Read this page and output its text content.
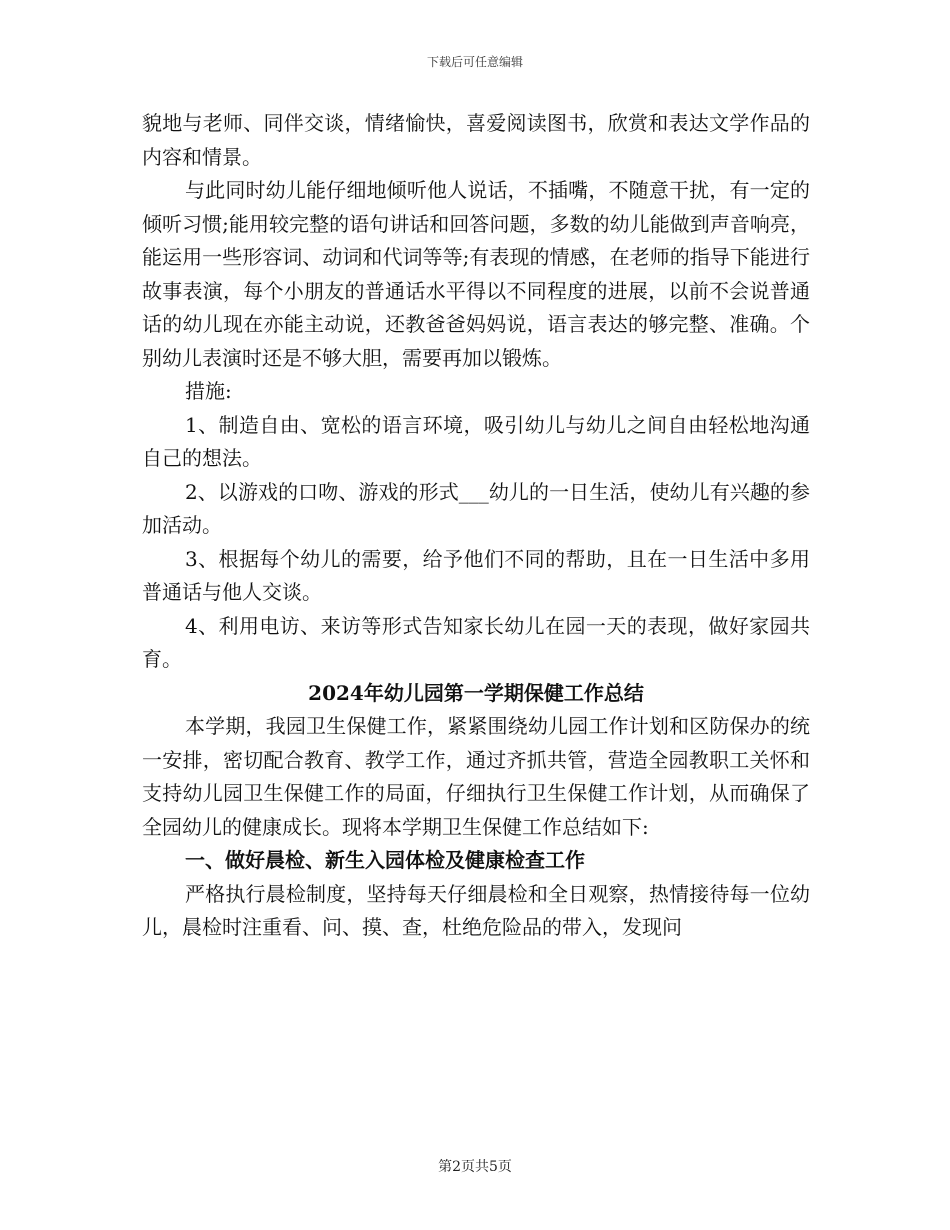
下载后可任意编辑

貌地与老师、同伴交谈，情绪愉快，喜爱阅读图书，欣赏和表达文学作品的内容和情景。

与此同时幼儿能仔细地倾听他人说话，不插嘴，不随意干扰，有一定的倾听习惯;能用较完整的语句讲话和回答问题，多数的幼儿能做到声音响亮，能运用一些形容词、动词和代词等等;有表现的情感，在老师的指导下能进行故事表演，每个小朋友的普通话水平得以不同程度的进展，以前不会说普通话的幼儿现在亦能主动说，还教爸爸妈妈说，语言表达的够完整、准确。个别幼儿表演时还是不够大胆，需要再加以锻炼。

措施:

1、制造自由、宽松的语言环境，吸引幼儿与幼儿之间自由轻松地沟通自己的想法。

2、以游戏的口吻、游戏的形式___幼儿的一日生活，使幼儿有兴趣的参加活动。

3、根据每个幼儿的需要，给予他们不同的帮助，且在一日生活中多用普通话与他人交谈。

4、利用电访、来访等形式告知家长幼儿在园一天的表现，做好家园共育。

2024年幼儿园第一学期保健工作总结

本学期，我园卫生保健工作，紧紧围绕幼儿园工作计划和区防保办的统一安排，密切配合教育、教学工作，通过齐抓共管，营造全园教职工关怀和支持幼儿园卫生保健工作的局面，仔细执行卫生保健工作计划，从而确保了全园幼儿的健康成长。现将本学期卫生保健工作总结如下:

一、做好晨检、新生入园体检及健康检查工作

严格执行晨检制度，坚持每天仔细晨检和全日观察，热情接待每一位幼儿，晨检时注重看、问、摸、查，杜绝危险品的带入，发现问

第2页共5页
